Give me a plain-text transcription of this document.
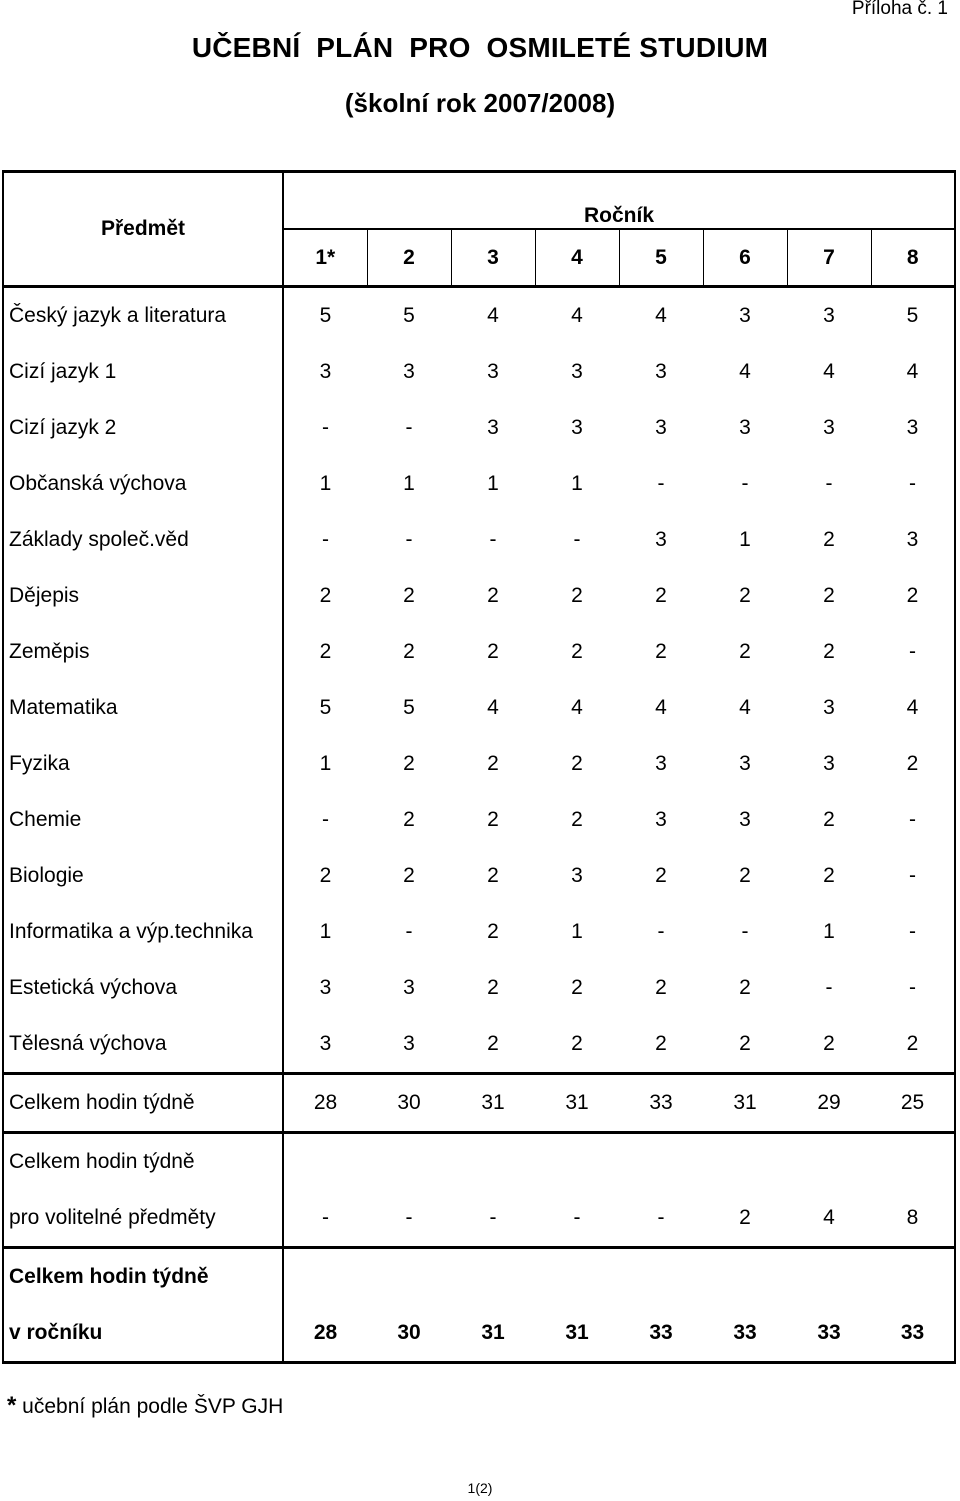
Příloha č. 1
UČEBNÍ  PLÁN  PRO  OSMILETÉ STUDIUM
(školní rok 2007/2008)
Předmět	Ročník							
	1*	2	3	4	5	6	7	8
Český jazyk a literatura	5	5	4	4	4	3	3	5
Cizí jazyk 1	3	3	3	3	3	4	4	4
Cizí jazyk 2	-	-	3	3	3	3	3	3
Občanská výchova	1	1	1	1	-	-	-	-
Základy společ.věd	-	-	-	-	3	1	2	3
Dějepis	2	2	2	2	2	2	2	2
Zeměpis	2	2	2	2	2	2	2	-
Matematika	5	5	4	4	4	4	3	4
Fyzika	1	2	2	2	3	3	3	2
Chemie	-	2	2	2	3	3	2	-
Biologie	2	2	2	3	2	2	2	-
Informatika a výp.technika	1	-	2	1	-	-	1	-
Estetická výchova	3	3	2	2	2	2	-	-
Tělesná výchova	3	3	2	2	2	2	2	2
Celkem hodin týdně	28	30	31	31	33	31	29	25
Celkem hodin týdně								
pro volitelné předměty	-	-	-	-	-	2	4	8
Celkem hodin týdně								
v ročníku	28	30	31	31	33	33	33	33
* učební plán podle ŠVP GJH
1(2)
